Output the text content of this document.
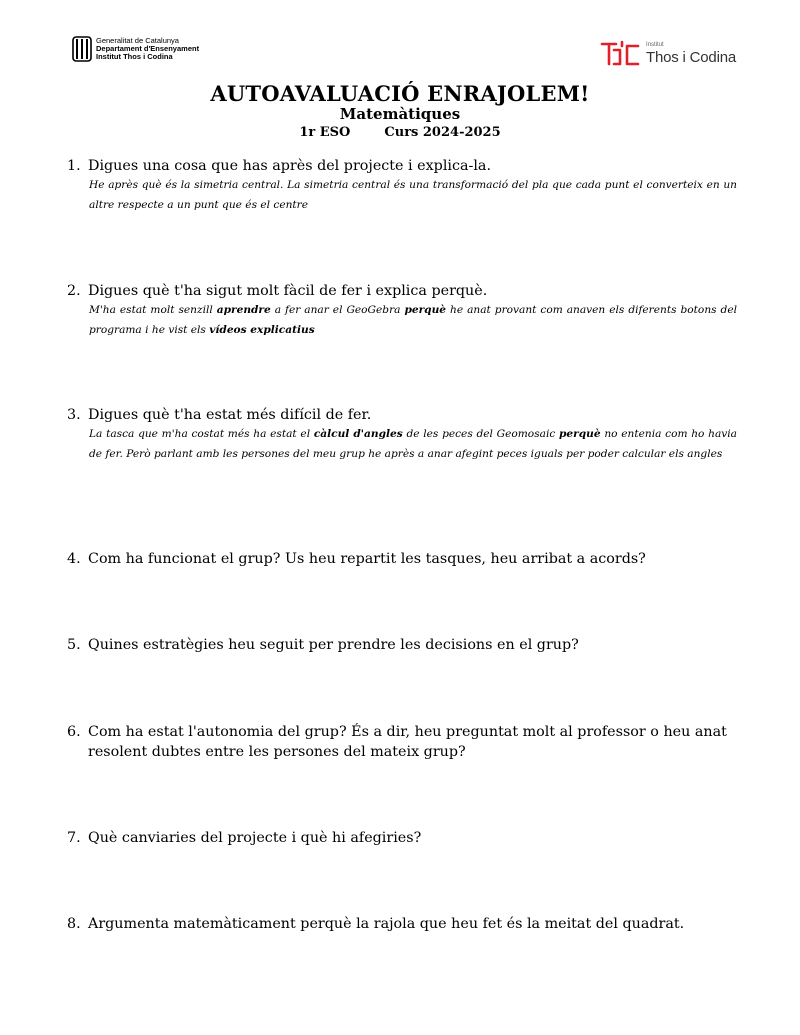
Generalitat de Catalunya
Departament d'Ensenyament
Institut Thos i Codina
Institut
Thos i Codina
AUTOAVALUACIÓ ENRAJOLEM!
Matemàtiques
1r ESO	Curs 2024-2025
1. Digues una cosa que has après del projecte i explica-la.
He après què és la simetria central. La simetria central és una transformació del pla que cada punt el converteix en un altre respecte a un punt que és el centre
2. Digues què t'ha sigut molt fàcil de fer i explica perquè.
M'ha estat molt senzill aprendre a fer anar el GeoGebra perquè he anat provant com anaven els diferents botons del programa i he vist els vídeos explicatius
3. Digues què t'ha estat més difícil de fer.
La tasca que m'ha costat més ha estat el càlcul d'angles de les peces del Geomosaic perquè no entenia com ho havia de fer. Però parlant amb les persones del meu grup he après a anar afegint peces iguals per poder calcular els angles
4. Com ha funcionat el grup? Us heu repartit les tasques, heu arribat a acords?
5. Quines estratègies heu seguit per prendre les decisions en el grup?
6. Com ha estat l'autonomia del grup? És a dir, heu preguntat molt al professor o heu anat resolent dubtes entre les persones del mateix grup?
7. Què canviaries del projecte i què hi afegiries?
8. Argumenta matemàticament perquè la rajola que heu fet és la meitat del quadrat.
